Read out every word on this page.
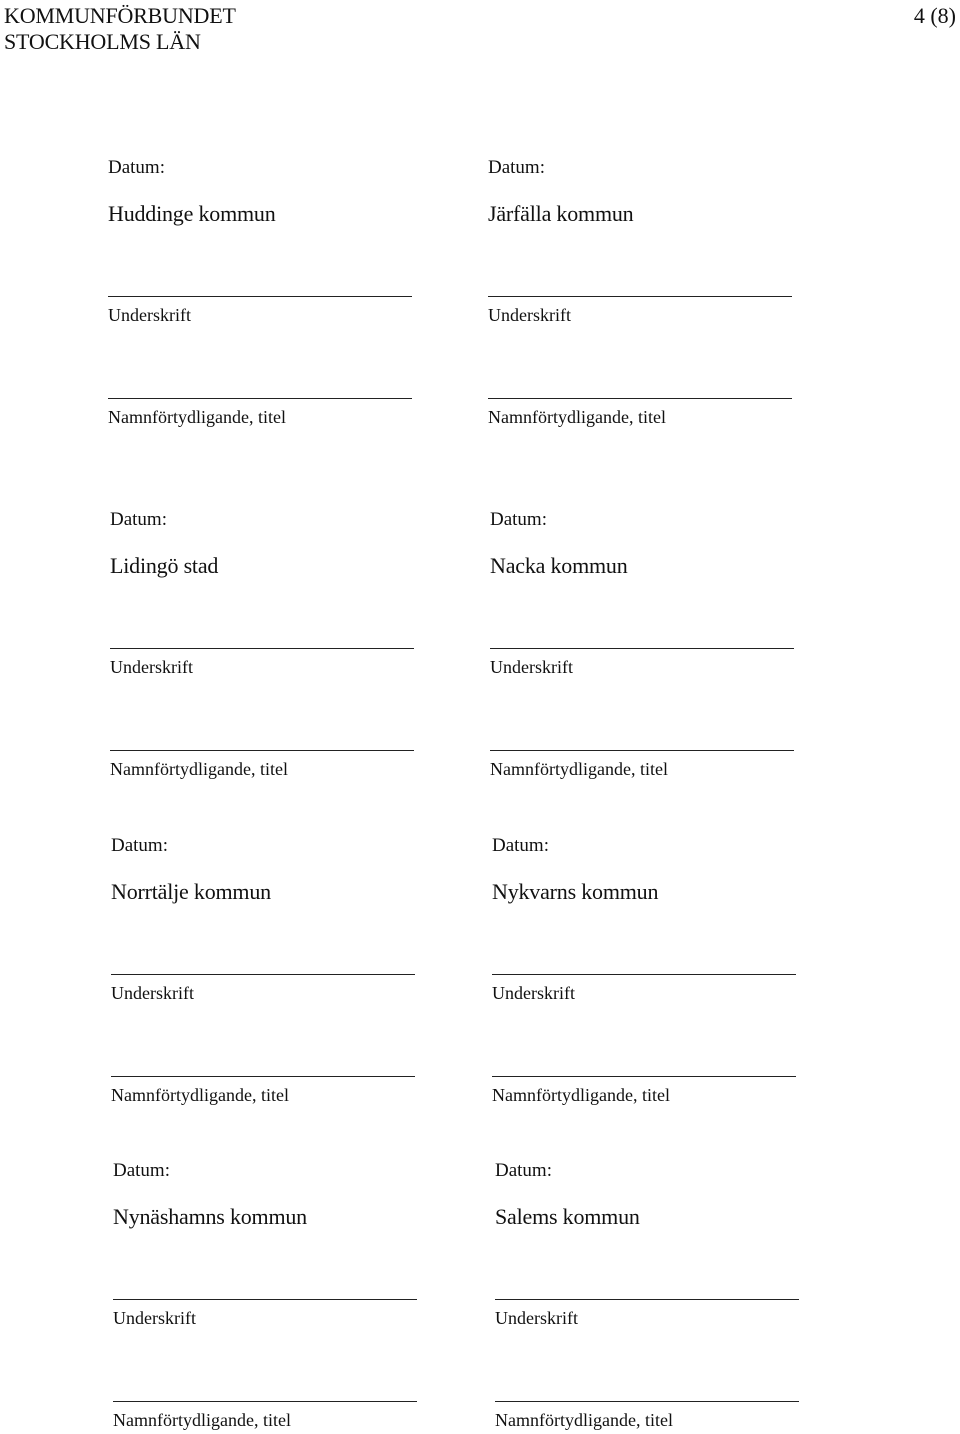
KOMMUNFÖRBUNDET
STOCKHOLMS LÄN
4 (8)
Datum:
Huddinge kommun
Underskrift
Namnförtydligande, titel
Datum:
Järfälla kommun
Underskrift
Namnförtydligande, titel
Datum:
Lidingö stad
Underskrift
Namnförtydligande, titel
Datum:
Nacka kommun
Underskrift
Namnförtydligande, titel
Datum:
Norrtälje kommun
Underskrift
Namnförtydligande, titel
Datum:
Nykvarns kommun
Underskrift
Namnförtydligande, titel
Datum:
Nynäshamns kommun
Underskrift
Namnförtydligande, titel
Datum:
Salems kommun
Underskrift
Namnförtydligande, titel
